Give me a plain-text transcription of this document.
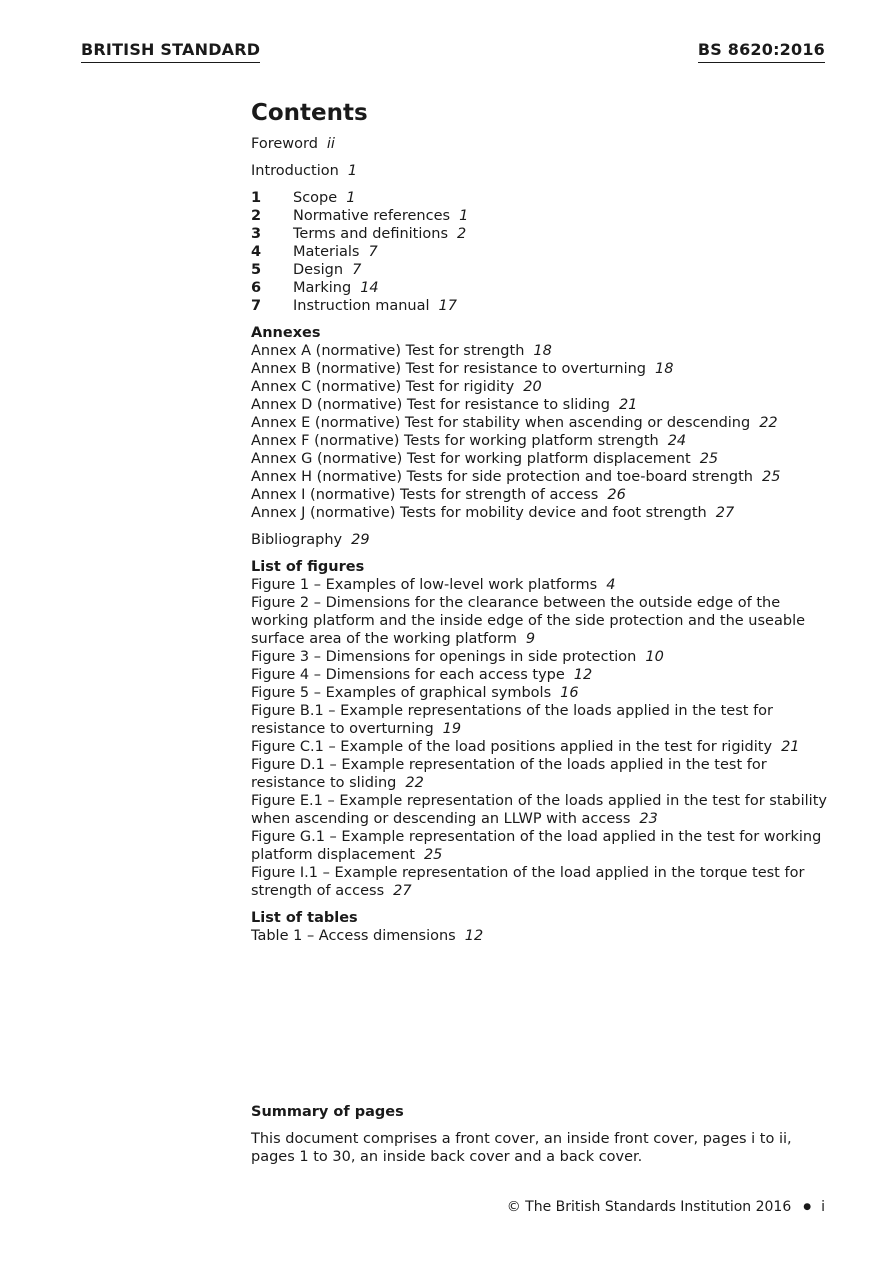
BRITISH STANDARD	BS 8620:2016
Contents
Foreword ii
Introduction 1
1 Scope 1
2 Normative references 1
3 Terms and definitions 2
4 Materials 7
5 Design 7
6 Marking 14
7 Instruction manual 17
Annexes
Annex A (normative) Test for strength 18
Annex B (normative) Test for resistance to overturning 18
Annex C (normative) Test for rigidity 20
Annex D (normative) Test for resistance to sliding 21
Annex E (normative) Test for stability when ascending or descending 22
Annex F (normative) Tests for working platform strength 24
Annex G (normative) Test for working platform displacement 25
Annex H (normative) Tests for side protection and toe-board strength 25
Annex I (normative) Tests for strength of access 26
Annex J (normative) Tests for mobility device and foot strength 27
Bibliography 29
List of figures
Figure 1 – Examples of low-level work platforms 4
Figure 2 – Dimensions for the clearance between the outside edge of the working platform and the inside edge of the side protection and the useable surface area of the working platform 9
Figure 3 – Dimensions for openings in side protection 10
Figure 4 – Dimensions for each access type 12
Figure 5 – Examples of graphical symbols 16
Figure B.1 – Example representations of the loads applied in the test for resistance to overturning 19
Figure C.1 – Example of the load positions applied in the test for rigidity 21
Figure D.1 – Example representation of the loads applied in the test for resistance to sliding 22
Figure E.1 – Example representation of the loads applied in the test for stability when ascending or descending an LLWP with access 23
Figure G.1 – Example representation of the load applied in the test for working platform displacement 25
Figure I.1 – Example representation of the load applied in the torque test for strength of access 27
List of tables
Table 1 – Access dimensions 12
Summary of pages
This document comprises a front cover, an inside front cover, pages i to ii, pages 1 to 30, an inside back cover and a back cover.
© The British Standards Institution 2016 ● i
